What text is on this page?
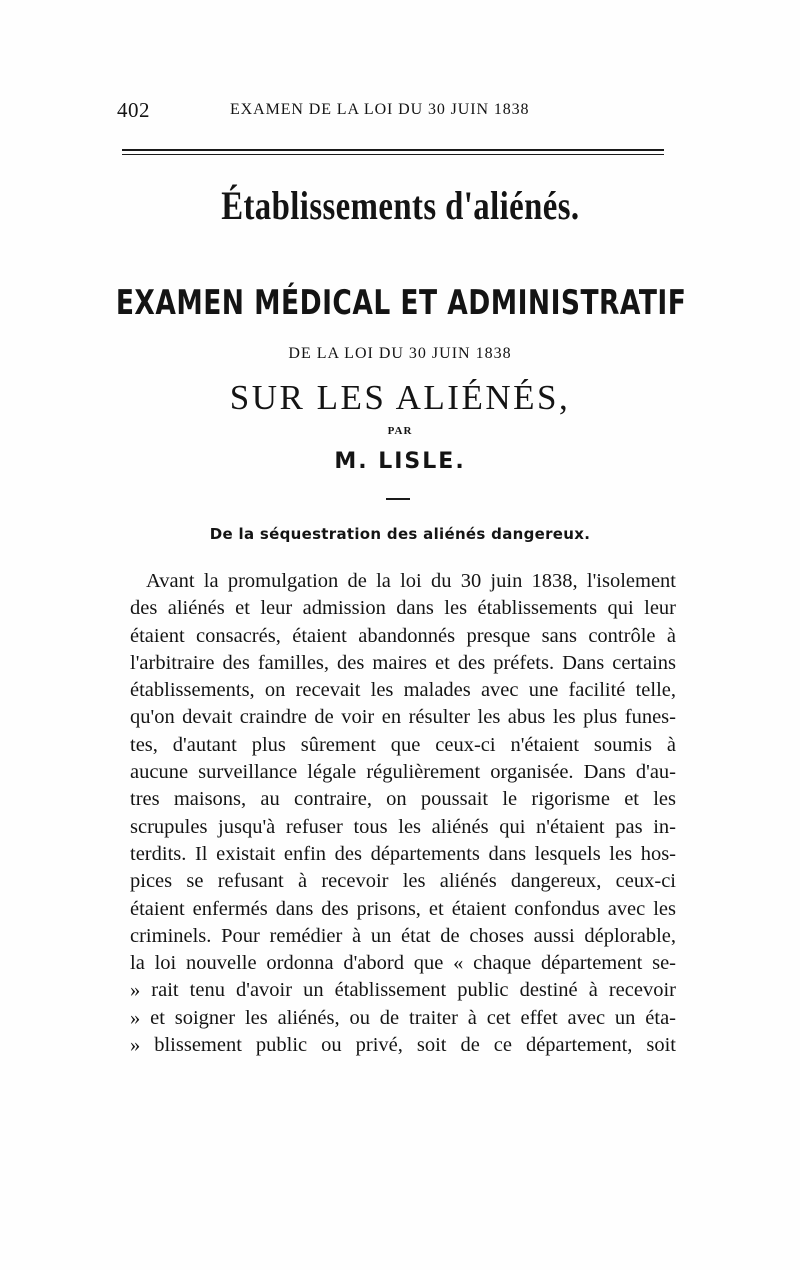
402	EXAMEN DE LA LOI DU 30 JUIN 1838
Établissements d'aliénés.
EXAMEN MÉDICAL ET ADMINISTRATIF
DE LA LOI DU 30 JUIN 1838
SUR LES ALIÉNÉS,
PAR
M. LISLE.
De la séquestration des aliénés dangereux.
Avant la promulgation de la loi du 30 juin 1838, l'isolement
des aliénés et leur admission dans les établissements qui leur
étaient consacrés, étaient abandonnés presque sans contrôle à
l'arbitraire des familles, des maires et des préfets. Dans certains
établissements, on recevait les malades avec une facilité telle,
qu'on devait craindre de voir en résulter les abus les plus funes-
tes, d'autant plus sûrement que ceux-ci n'étaient soumis à
aucune surveillance légale régulièrement organisée. Dans d'au-
tres maisons, au contraire, on poussait le rigorisme et les
scrupules jusqu'à refuser tous les aliénés qui n'étaient pas in-
terdits. Il existait enfin des départements dans lesquels les hos-
pices se refusant à recevoir les aliénés dangereux, ceux-ci
étaient enfermés dans des prisons, et étaient confondus avec les
criminels. Pour remédier à un état de choses aussi déplorable,
la loi nouvelle ordonna d'abord que « chaque département se-
» rait tenu d'avoir un établissement public destiné à recevoir
» et soigner les aliénés, ou de traiter à cet effet avec un éta-
» blissement public ou privé, soit de ce département, soit
